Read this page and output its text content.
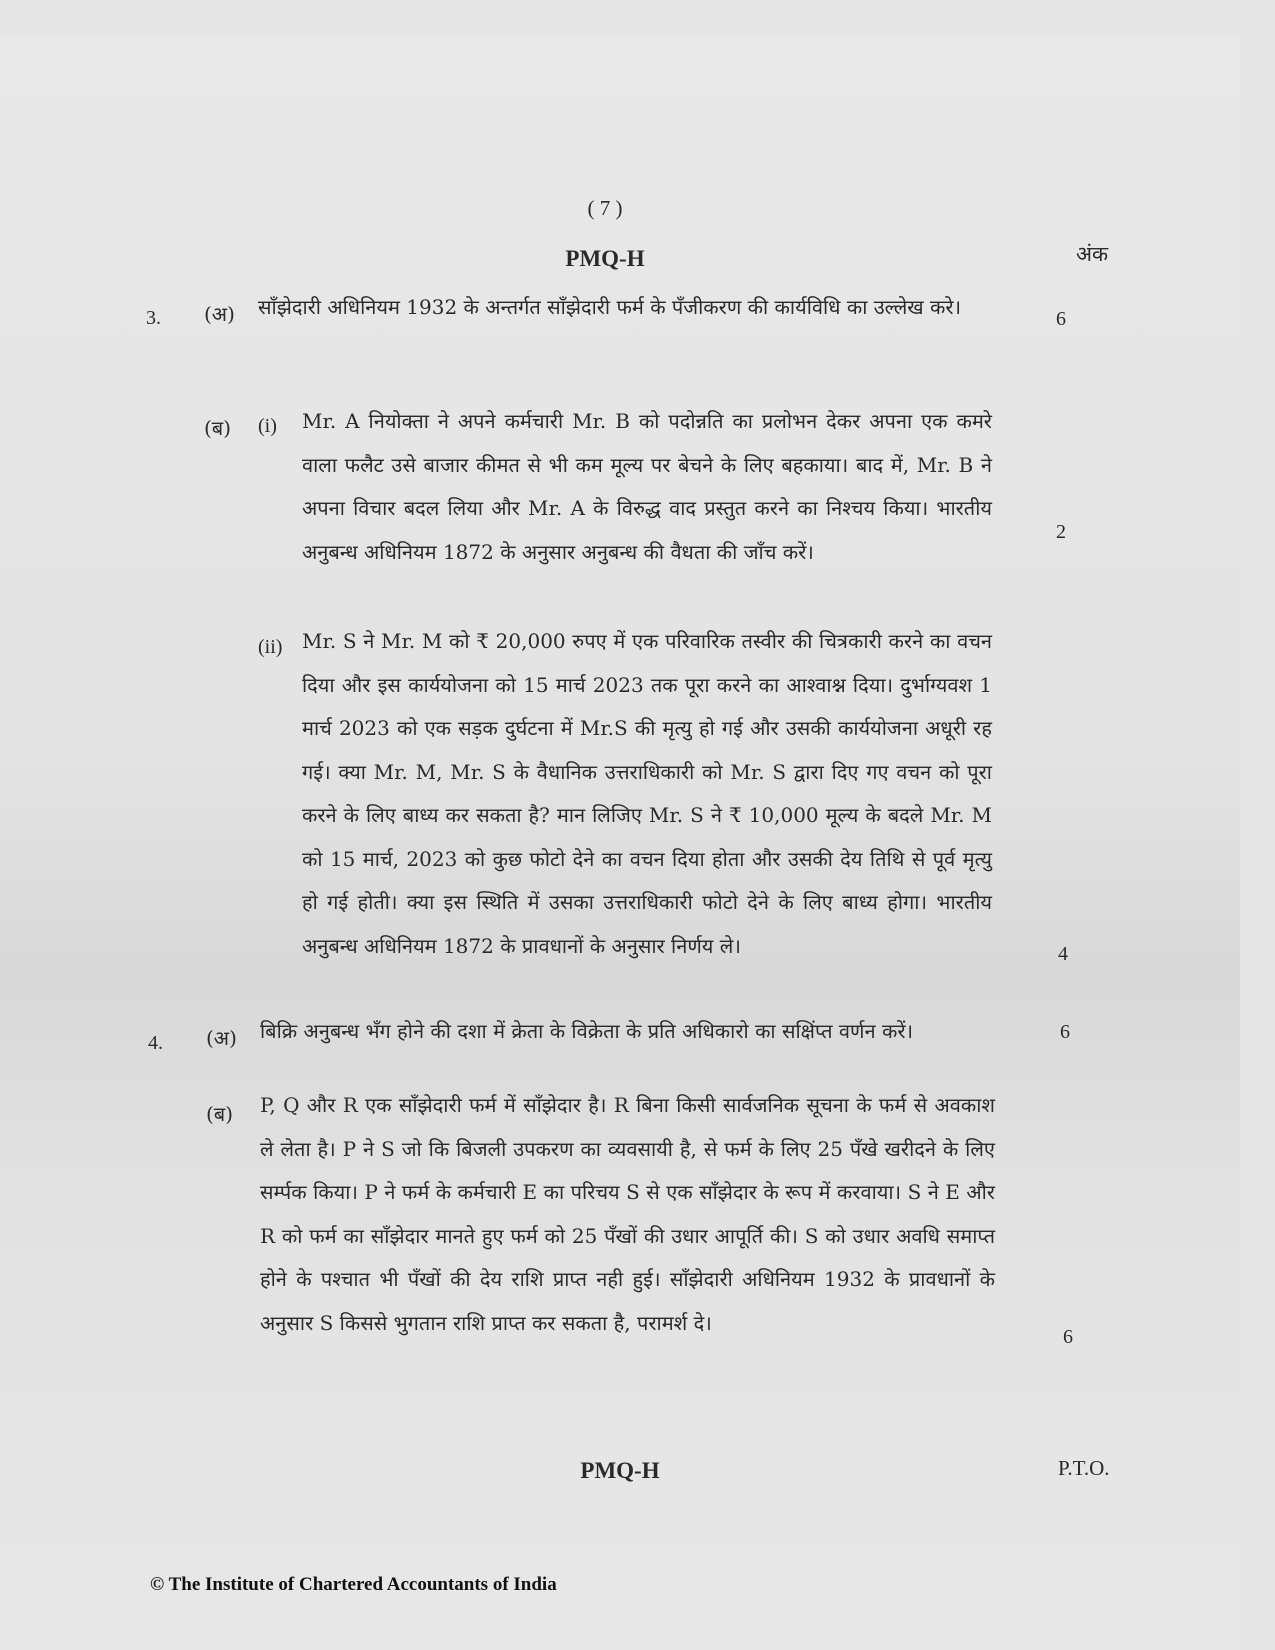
( 7 )
PMQ-H	अंक
3. (अ) साँझेदारी अधिनियम 1932 के अन्तर्गत साँझेदारी फर्म के पँजीकरण की कार्यविधि का उल्लेख करे।	6
(ब) (i) Mr. A नियोक्ता ने अपने कर्मचारी Mr. B को पदोन्नति का प्रलोभन देकर अपना एक कमरे वाला फलैट उसे बाजार कीमत से भी कम मूल्य पर बेचने के लिए बहकाया। बाद में, Mr. B ने अपना विचार बदल लिया और Mr. A के विरुद्ध वाद प्रस्तुत करने का निश्चय किया। भारतीय अनुबन्ध अधिनियम 1872 के अनुसार अनुबन्ध की वैधता की जाँच करें।
2
(ii) Mr. S ने Mr. M को ₹ 20,000 रुपए में एक परिवारिक तस्वीर की चित्रकारी करने का वचन दिया और इस कार्ययोजना को 15 मार्च 2023 तक पूरा करने का आश्वाश्न दिया। दुर्भाग्यवश 1 मार्च 2023 को एक सड़क दुर्घटना में Mr.S की मृत्यु हो गई और उसकी कार्ययोजना अधूरी रह गई। क्या Mr. M, Mr. S के वैधानिक उत्तराधिकारी को Mr. S द्वारा दिए गए वचन को पूरा करने के लिए बाध्य कर सकता है? मान लिजिए Mr. S ने ₹ 10,000 मूल्य के बदले Mr. M को 15 मार्च, 2023 को कुछ फोटो देने का वचन दिया होता और उसकी देय तिथि से पूर्व मृत्यु हो गई होती। क्या इस स्थिति में उसका उत्तराधिकारी फोटो देने के लिए बाध्य होगा। भारतीय अनुबन्ध अधिनियम 1872 के प्रावधानों के अनुसार निर्णय ले।	4
4. (अ) बिक्रि अनुबन्ध भँग होने की दशा में क्रेता के विक्रेता के प्रति अधिकारो का सक्षिंप्त वर्णन करें।	6
(ब) P, Q और R एक साँझेदारी फर्म में साँझेदार है। R बिना किसी सार्वजनिक सूचना के फर्म से अवकाश ले लेता है। P ने S जो कि बिजली उपकरण का व्यवसायी है, से फर्म के लिए 25 पँखे खरीदने के लिए सर्म्पक किया। P ने फर्म के कर्मचारी E का परिचय S से एक साँझेदार के रूप में करवाया। S ने E और R को फर्म का साँझेदार मानते हुए फर्म को 25 पँखों की उधार आपूर्ति की। S को उधार अवधि समाप्त होने के पश्चात भी पँखों की देय राशि प्राप्त नही हुई। साँझेदारी अधिनियम 1932 के प्रावधानों के अनुसार S किससे भुगतान राशि प्राप्त कर सकता है, परामर्श दे।
6
PMQ-H	P.T.O.
© The Institute of Chartered Accountants of India
